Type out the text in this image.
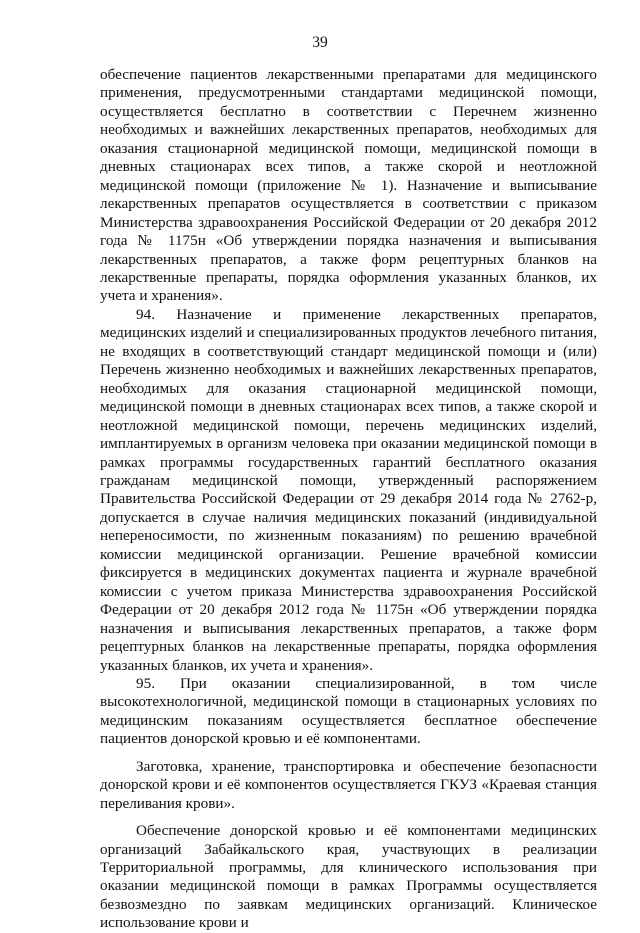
39

обеспечение пациентов лекарственными препаратами для медицинского применения, предусмотренными стандартами медицинской помощи, осуществляется бесплатно в соответствии с Перечнем жизненно необходимых и важнейших лекарственных препаратов, необходимых для оказания стационарной медицинской помощи, медицинской помощи в дневных стационарах всех типов, а также скорой и неотложной медицинской помощи (приложение № 1). Назначение и выписывание лекарственных препаратов осуществляется в соответствии с приказом Министерства здравоохранения Российской Федерации от 20 декабря 2012 года № 1175н «Об утверждении порядка назначения и выписывания лекарственных препаратов, а также форм рецептурных бланков на лекарственные препараты, порядка оформления указанных бланков, их учета и хранения».

94. Назначение и применение лекарственных препаратов, медицинских изделий и специализированных продуктов лечебного питания, не входящих в соответствующий стандарт медицинской помощи и (или) Перечень жизненно необходимых и важнейших лекарственных препаратов, необходимых для оказания стационарной медицинской помощи, медицинской помощи в дневных стационарах всех типов, а также скорой и неотложной медицинской помощи, перечень медицинских изделий, имплантируемых в организм человека при оказании медицинской помощи в рамках программы государственных гарантий бесплатного оказания гражданам медицинской помощи, утвержденный распоряжением Правительства Российской Федерации от 29 декабря 2014 года № 2762-р, допускается в случае наличия медицинских показаний (индивидуальной непереносимости, по жизненным показаниям) по решению врачебной комиссии медицинской организации. Решение врачебной комиссии фиксируется в медицинских документах пациента и журнале врачебной комиссии с учетом приказа Министерства здравоохранения Российской Федерации от 20 декабря 2012 года № 1175н «Об утверждении порядка назначения и выписывания лекарственных препаратов, а также форм рецептурных бланков на лекарственные препараты, порядка оформления указанных бланков, их учета и хранения».

95. При оказании специализированной, в том числе высокотехнологичной, медицинской помощи в стационарных условиях по медицинским показаниям осуществляется бесплатное обеспечение пациентов донорской кровью и её компонентами.

Заготовка, хранение, транспортировка и обеспечение безопасности донорской крови и её компонентов осуществляется ГКУЗ «Краевая станция переливания крови».

Обеспечение донорской кровью и её компонентами медицинских организаций Забайкальского края, участвующих в реализации Территориальной программы, для клинического использования при оказании медицинской помощи в рамках Программы осуществляется безвозмездно по заявкам медицинских организаций. Клиническое использование крови и
